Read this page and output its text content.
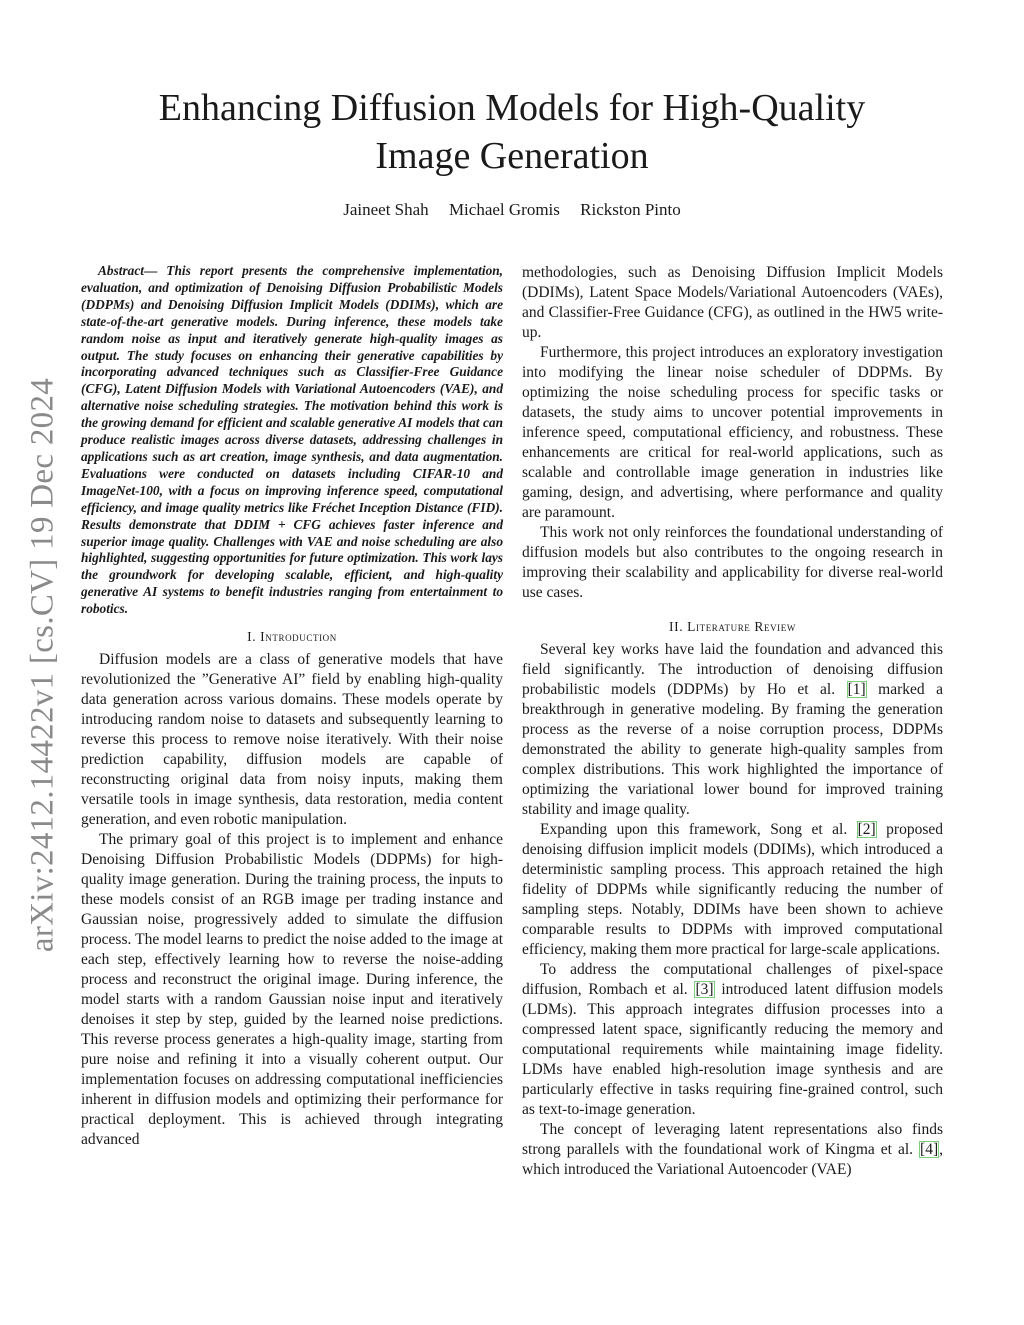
arXiv:2412.14422v1 [cs.CV] 19 Dec 2024
Enhancing Diffusion Models for High-Quality
Image Generation
Jaineet Shah Michael Gromis Rickston Pinto

Abstract— This report presents the comprehensive implementation, evaluation, and optimization of Denoising Diffusion Probabilistic Models (DDPMs) and Denoising Diffusion Implicit Models (DDIMs), which are state-of-the-art generative models. During inference, these models take random noise as input and iteratively generate high-quality images as output. The study focuses on enhancing their generative capabilities by incorporating advanced techniques such as Classifier-Free Guidance (CFG), Latent Diffusion Models with Variational Autoencoders (VAE), and alternative noise scheduling strategies. The motivation behind this work is the growing demand for efficient and scalable generative AI models that can produce realistic images across diverse datasets, addressing challenges in applications such as art creation, image synthesis, and data augmentation. Evaluations were conducted on datasets including CIFAR-10 and ImageNet-100, with a focus on improving inference speed, computational efficiency, and image quality metrics like Fréchet Inception Distance (FID). Results demonstrate that DDIM + CFG achieves faster inference and superior image quality. Challenges with VAE and noise scheduling are also highlighted, suggesting opportunities for future optimization. This work lays the groundwork for developing scalable, efficient, and high-quality generative AI systems to benefit industries ranging from entertainment to robotics.

I. Introduction

Diffusion models are a class of generative models that have revolutionized the ”Generative AI” field by enabling high-quality data generation across various domains. These models operate by introducing random noise to datasets and subsequently learning to reverse this process to remove noise iteratively. With their noise prediction capability, diffusion models are capable of reconstructing original data from noisy inputs, making them versatile tools in image synthesis, data restoration, media content generation, and even robotic manipulation.

The primary goal of this project is to implement and enhance Denoising Diffusion Probabilistic Models (DDPMs) for high-quality image generation. During the training process, the inputs to these models consist of an RGB image per trading instance and Gaussian noise, progressively added to simulate the diffusion process. The model learns to predict the noise added to the image at each step, effectively learning how to reverse the noise-adding process and reconstruct the original image. During inference, the model starts with a random Gaussian noise input and iteratively denoises it step by step, guided by the learned noise predictions. This reverse process generates a high-quality image, starting from pure noise and refining it into a visually coherent output. Our implementation focuses on addressing computational inefficiencies inherent in diffusion models and optimizing their performance for practical deployment. This is achieved through integrating advanced

methodologies, such as Denoising Diffusion Implicit Models (DDIMs), Latent Space Models/Variational Autoencoders (VAEs), and Classifier-Free Guidance (CFG), as outlined in the HW5 write-up.

Furthermore, this project introduces an exploratory investigation into modifying the linear noise scheduler of DDPMs. By optimizing the noise scheduling process for specific tasks or datasets, the study aims to uncover potential improvements in inference speed, computational efficiency, and robustness. These enhancements are critical for real-world applications, such as scalable and controllable image generation in industries like gaming, design, and advertising, where performance and quality are paramount.

This work not only reinforces the foundational understanding of diffusion models but also contributes to the ongoing research in improving their scalability and applicability for diverse real-world use cases.

II. Literature Review

Several key works have laid the foundation and advanced this field significantly. The introduction of denoising diffusion probabilistic models (DDPMs) by Ho et al. [1] marked a breakthrough in generative modeling. By framing the generation process as the reverse of a noise corruption process, DDPMs demonstrated the ability to generate high-quality samples from complex distributions. This work highlighted the importance of optimizing the variational lower bound for improved training stability and image quality.

Expanding upon this framework, Song et al. [2] proposed denoising diffusion implicit models (DDIMs), which introduced a deterministic sampling process. This approach retained the high fidelity of DDPMs while significantly reducing the number of sampling steps. Notably, DDIMs have been shown to achieve comparable results to DDPMs with improved computational efficiency, making them more practical for large-scale applications.

To address the computational challenges of pixel-space diffusion, Rombach et al. [3] introduced latent diffusion models (LDMs). This approach integrates diffusion processes into a compressed latent space, significantly reducing the memory and computational requirements while maintaining image fidelity. LDMs have enabled high-resolution image synthesis and are particularly effective in tasks requiring fine-grained control, such as text-to-image generation.

The concept of leveraging latent representations also finds strong parallels with the foundational work of Kingma et al. [4], which introduced the Variational Autoencoder (VAE)
